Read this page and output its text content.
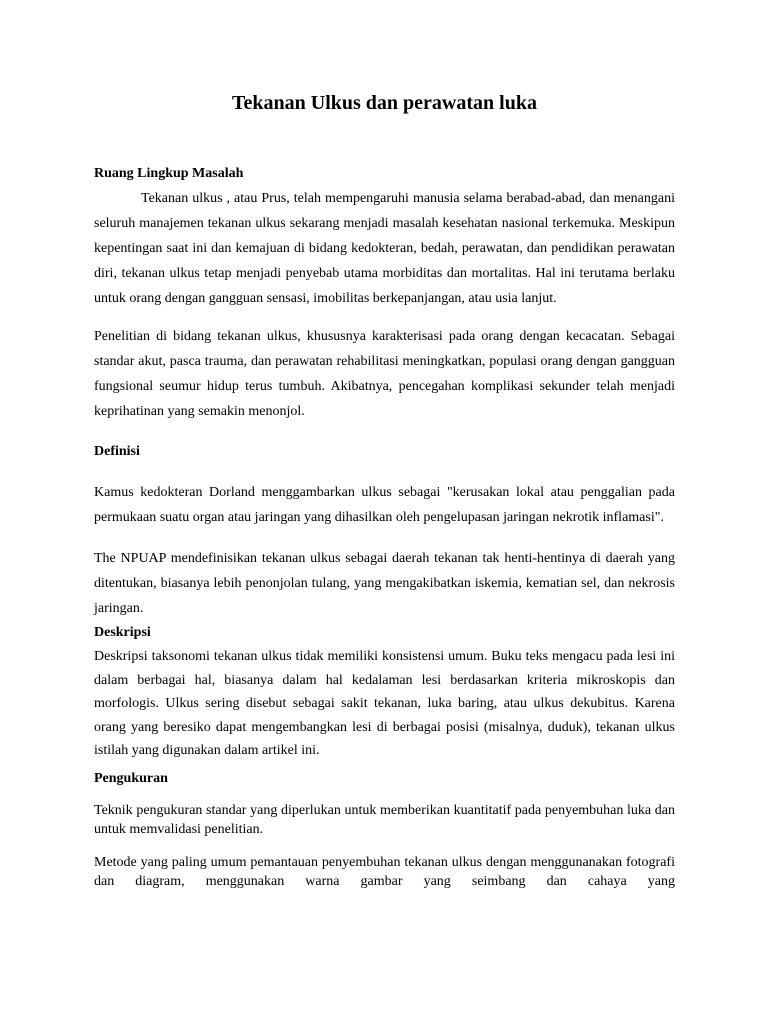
Tekanan Ulkus dan perawatan luka
Ruang Lingkup Masalah

Tekanan ulkus , atau Prus, telah mempengaruhi manusia selama berabad-abad, dan menangani seluruh manajemen tekanan ulkus sekarang menjadi masalah kesehatan nasional terkemuka. Meskipun kepentingan saat ini dan kemajuan di bidang kedokteran, bedah, perawatan, dan pendidikan perawatan diri, tekanan ulkus tetap menjadi penyebab utama morbiditas dan mortalitas. Hal ini terutama berlaku untuk orang dengan gangguan sensasi, imobilitas berkepanjangan, atau usia lanjut.

Penelitian di bidang tekanan ulkus, khususnya karakterisasi pada orang dengan kecacatan. Sebagai standar akut, pasca trauma, dan perawatan rehabilitasi meningkatkan, populasi orang dengan gangguan fungsional seumur hidup terus tumbuh. Akibatnya, pencegahan komplikasi sekunder telah menjadi keprihatinan yang semakin menonjol.

Definisi

Kamus kedokteran Dorland menggambarkan ulkus sebagai "kerusakan lokal atau penggalian pada permukaan suatu organ atau jaringan yang dihasilkan oleh pengelupasan jaringan nekrotik inflamasi".

The NPUAP mendefinisikan tekanan ulkus sebagai daerah tekanan tak henti-hentinya di daerah yang ditentukan, biasanya lebih penonjolan tulang, yang mengakibatkan iskemia, kematian sel, dan nekrosis jaringan.

Deskripsi

Deskripsi taksonomi tekanan ulkus tidak memiliki konsistensi umum. Buku teks mengacu pada lesi ini dalam berbagai hal, biasanya dalam hal kedalaman lesi berdasarkan kriteria mikroskopis dan morfologis. Ulkus sering disebut sebagai sakit tekanan, luka baring, atau ulkus dekubitus. Karena orang yang beresiko dapat mengembangkan lesi di berbagai posisi (misalnya, duduk), tekanan ulkus istilah yang digunakan dalam artikel ini.

Pengukuran

Teknik pengukuran standar yang diperlukan untuk memberikan kuantitatif pada penyembuhan luka dan untuk memvalidasi penelitian.

Metode yang paling umum pemantauan penyembuhan tekanan ulkus dengan menggunanakan fotografi dan diagram, menggunakan warna gambar yang seimbang dan cahaya yang
